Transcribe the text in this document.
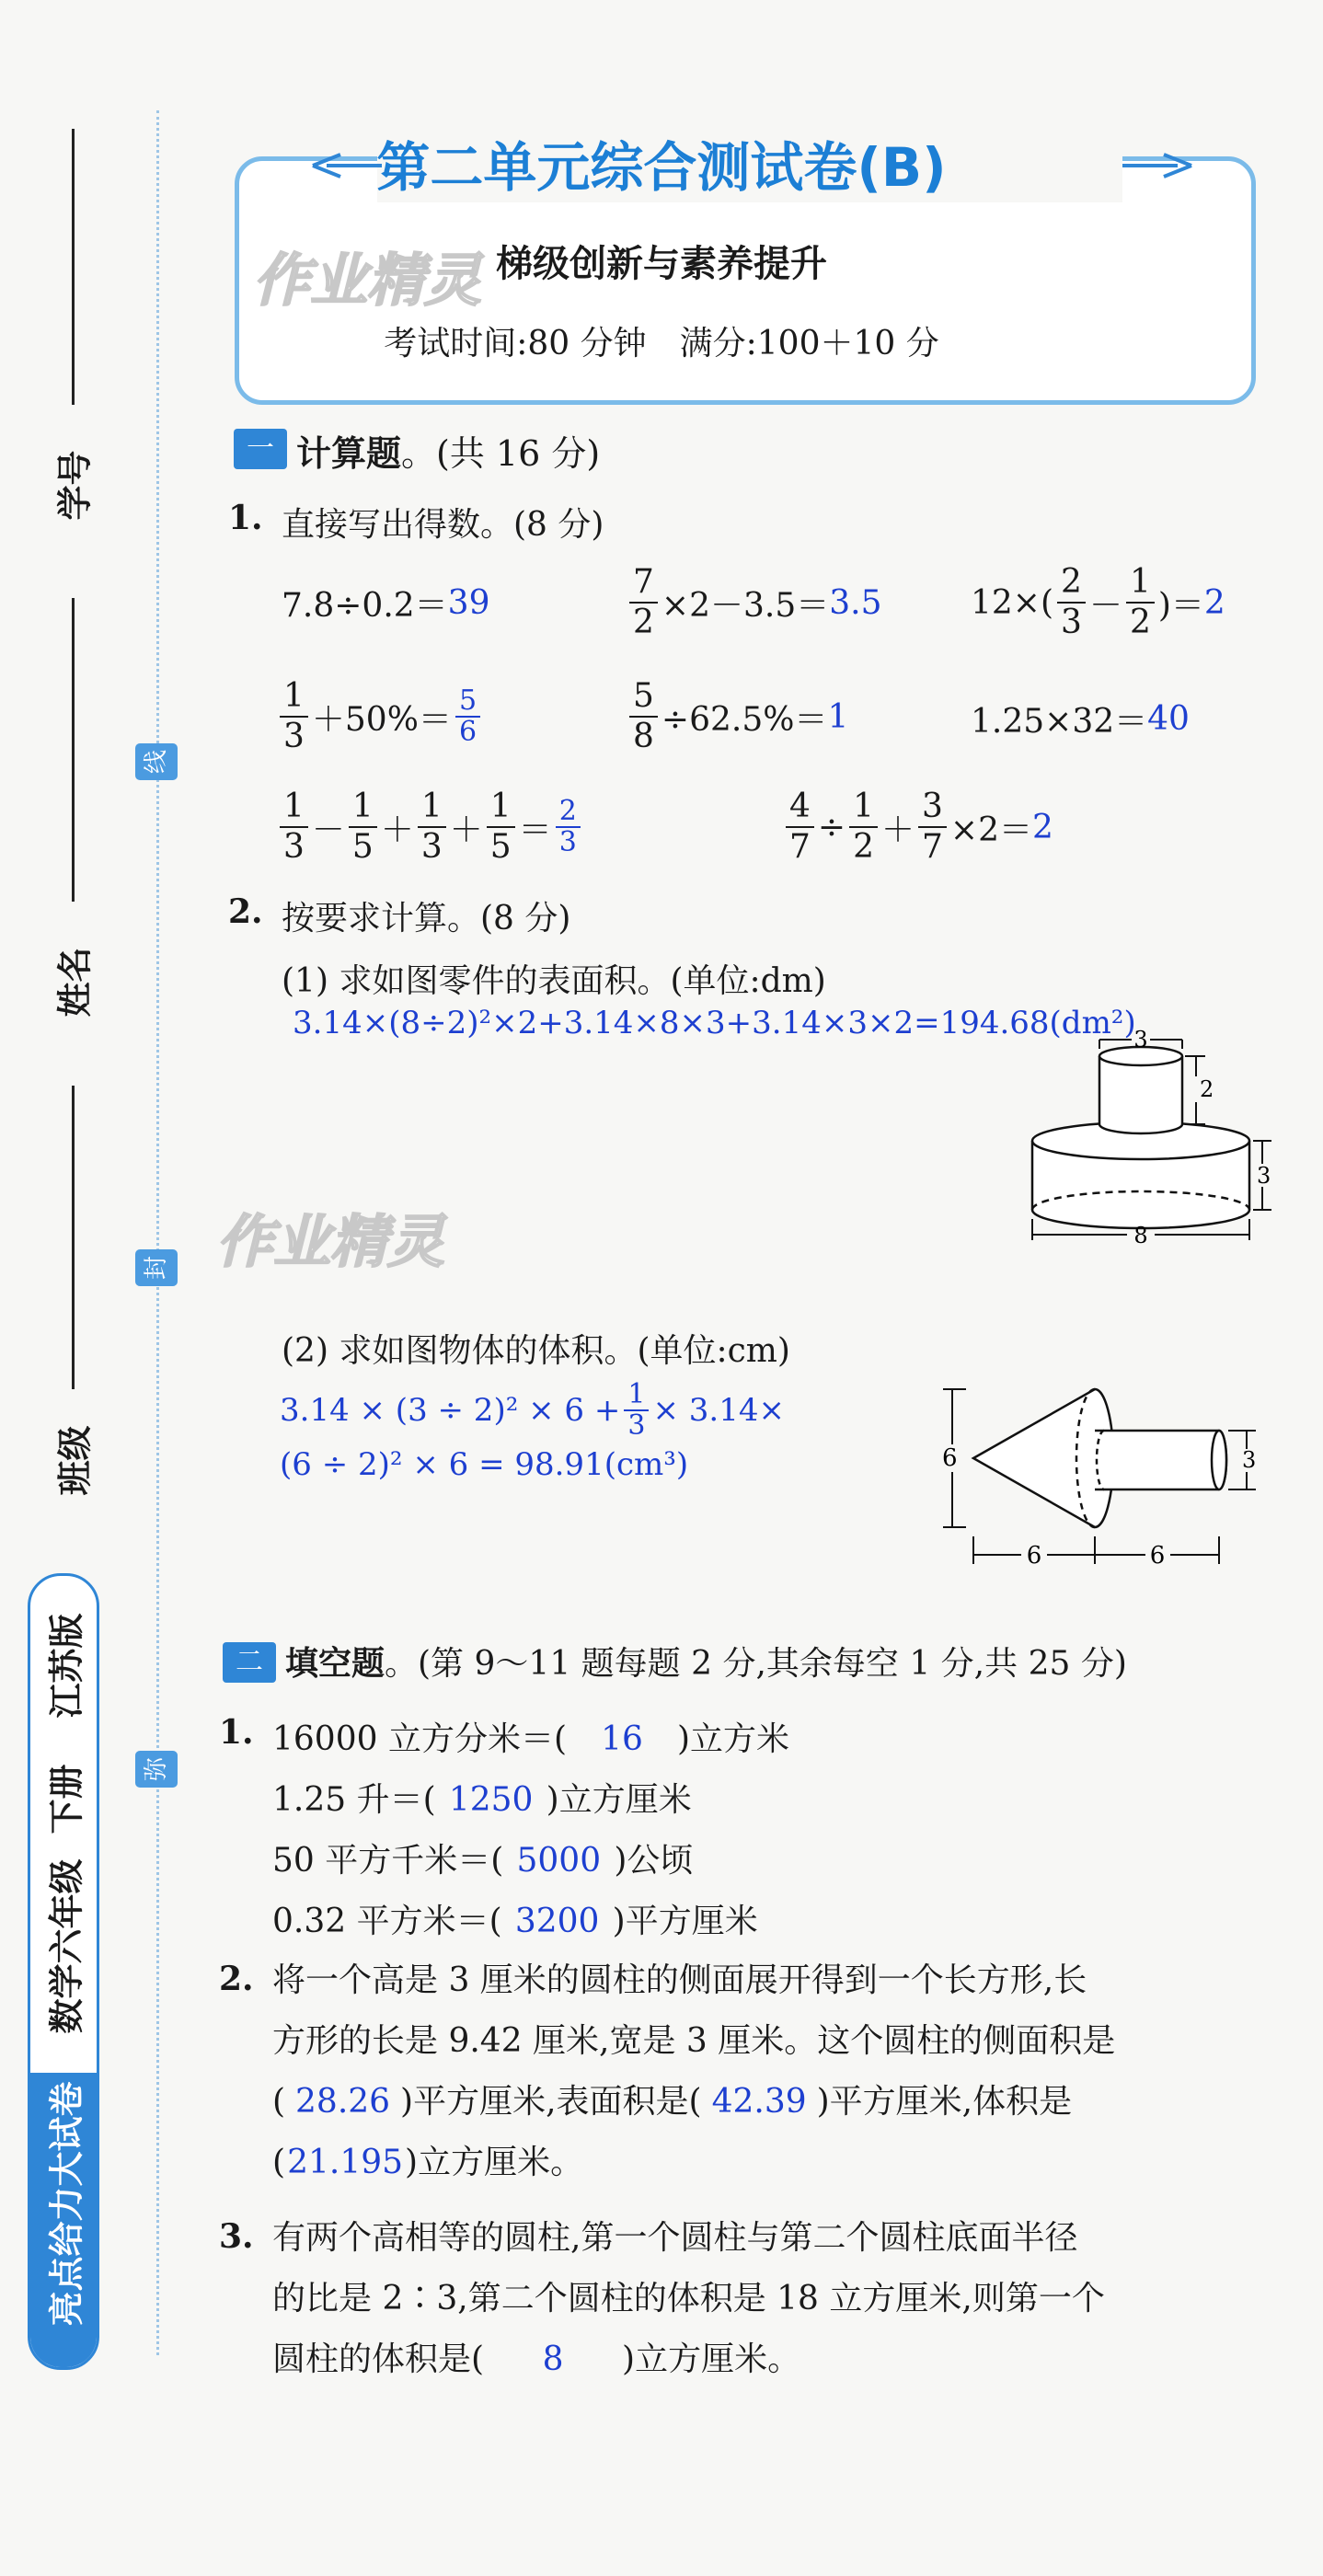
学号
姓名
班级
线
封
弥
江苏版
下册
数学六年级
亮点给力大试卷
第二单元综合测试卷(B)
梯级创新与素养提升
考试时间:80 分钟　满分:100＋10 分
作业精灵
一 计算题。(共 16 分)
1. 直接写出得数。(8 分)
7.8÷0.2＝ 39	$\frac{7}{2} \times 2-3.5= 3.5$	$12\times( \frac{2}{3} - \frac{1}{2}$ )＝ 2
$\frac{1}{3} +50\%= \frac{5}{6}$	$\frac{5}{8} \div 62.5\%= 1$	1.25×32＝ 40
$\frac{1}{3} - \frac{1}{5} + \frac{1}{3} + \frac{1}{5} = \frac{2}{3}$	$\frac{4}{7} \div \frac{1}{2} + \frac{3}{7} \times 2= 2$
2. 按要求计算。(8 分)
(1) 求如图零件的表面积。(单位:dm)
3.14×(8÷2)²×2+3.14×8×3+3.14×3×2=194.68(dm²)
3
2
3
8
作业精灵
(2) 求如图物体的体积。(单位:cm)
$3.14 \times (3 \div 2)^2 \times 6 + \frac{1}{3} \times 3.14\times$
(6 ÷ 2)² × 6 = 98.91(cm³)	6	3
6	6
二 填空题。(第 9～11 题每题 2 分,其余每空 1 分,共 25 分)
1. 16000 立方分米＝( 16 )立方米
1.25 升＝( 1250 )立方厘米
50 平方千米＝( 5000 )公顷
0.32 平方米＝( 3200 )平方厘米
2. 将一个高是 3 厘米的圆柱的侧面展开得到一个长方形,长
方形的长是 9.42 厘米,宽是 3 厘米。这个圆柱的侧面积是
( 28.26 )平方厘米,表面积是( 42.39 )平方厘米,体积是
(21.195)立方厘米。
3. 有两个高相等的圆柱,第一个圆柱与第二个圆柱底面半径
的比是 2∶3,第二个圆柱的体积是 18 立方厘米,则第一个
圆柱的体积是( 8 )立方厘米。
